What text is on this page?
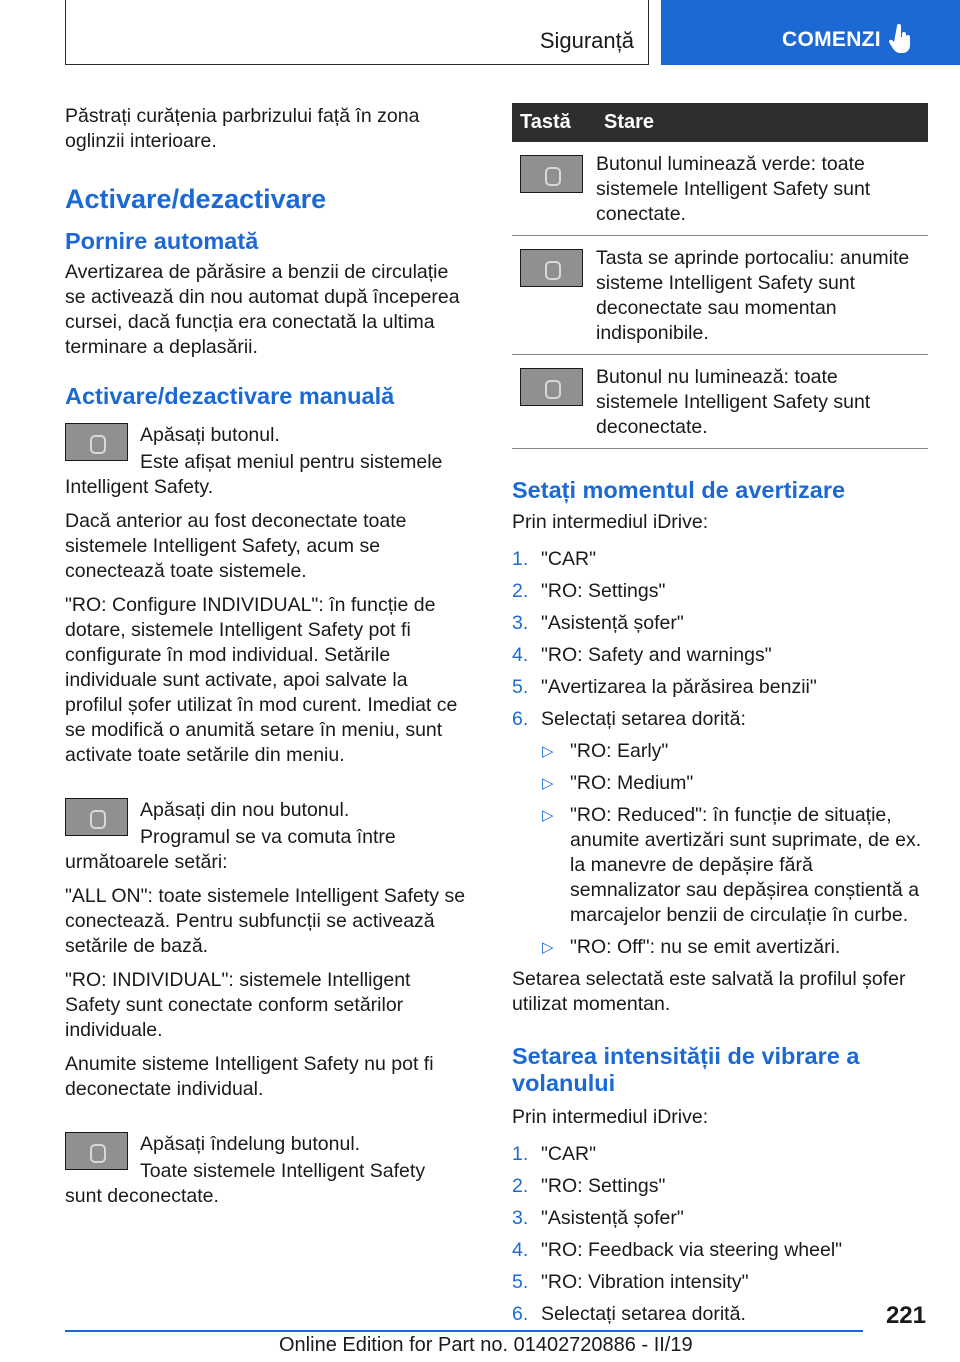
Siguranță	COMENZI

Păstrați curățenia parbrizului față în zona oglinzii interioare.

Activare/dezactivare
Pornire automată

Avertizarea de părăsire a benzii de circulație se activează din nou automat după începerea cursei, dacă funcția era conectată la ultima terminare a deplasării.

Activare/dezactivare manuală

Apăsați butonul.

Este afișat meniul pentru sistemele Intelligent Safety.

Dacă anterior au fost deconectate toate sistemele Intelligent Safety, acum se conectează toate sistemele.

"RO: Configure INDIVIDUAL": în funcție de dotare, sistemele Intelligent Safety pot fi configurate în mod individual. Setările individuale sunt activate, apoi salvate la profilul șofer utilizat în mod curent. Imediat ce se modifică o anumită setare în meniu, sunt activate toate setările din meniu.

Apăsați din nou butonul.

Programul se va comuta între următoarele setări:

"ALL ON": toate sistemele Intelligent Safety se conectează. Pentru subfuncții se activează setările de bază.

"RO: INDIVIDUAL": sistemele Intelligent Safety sunt conectate conform setărilor individuale.

Anumite sisteme Intelligent Safety nu pot fi deconectate individual.

Apăsați îndelung butonul.

Toate sistemele Intelligent Safety sunt deconectate.

Tastă	Stare

	Butonul luminează verde: toate sistemele Intelligent Safety sunt conectate.

	Tasta se aprinde portocaliu: anumite sisteme Intelligent Safety sunt deconectate sau momentan indisponibile.

	Butonul nu luminează: toate sistemele Intelligent Safety sunt deconectate.
Setați momentul de avertizare

Prin intermediul iDrive:

1. "CAR"
2. "RO: Settings"
3. "Asistență șofer"
4. "RO: Safety and warnings"
5. "Avertizarea la părăsirea benzii"
6. Selectați setarea dorită:
▷ "RO: Early"
▷ "RO: Medium"
▷ "RO: Reduced": în funcție de situație, anumite avertizări sunt suprimate, de ex. la manevre de depășire fără semnalizator sau depășirea conștientă a marcajelor benzii de circulație în curbe.
▷ "RO: Off": nu se emit avertizări.

Setarea selectată este salvată la profilul șofer utilizat momentan.

Setarea intensității de vibrare a volanului

Prin intermediul iDrive:

1. "CAR"
2. "RO: Settings"
3. "Asistență șofer"
4. "RO: Feedback via steering wheel"
5. "RO: Vibration intensity"
6. Selectați setarea dorită.	221
Online Edition for Part no. 01402720886 - II/19
